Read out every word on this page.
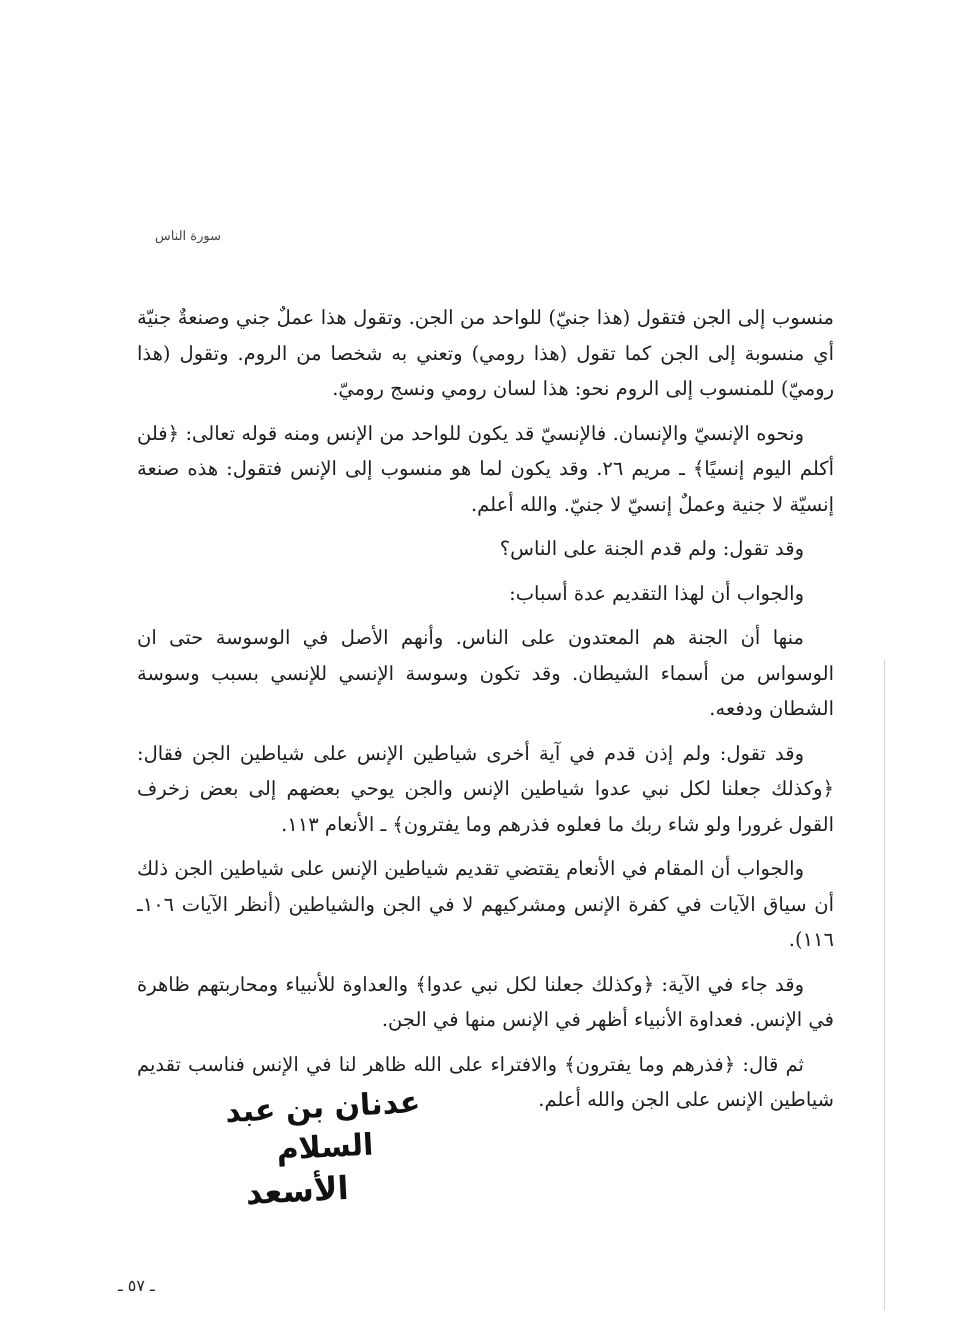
سورة الناس

منسوب إلى الجن فتقول (هذا جنيّ) للواحد من الجن. وتقول هذا عملٌ جني وصنعةٌ جنيّة أي منسوبة إلى الجن كما تقول (هذا رومي) وتعني به شخصا من الروم. وتقول (هذا روميّ) للمنسوب إلى الروم نحو: هذا لسان رومي ونسج روميّ.

ونحوه الإنسيّ والإنسان. فالإنسيّ قد يكون للواحد من الإنس ومنه قوله تعالى: ﴿فلن أكلم اليوم إنسيًا﴾ ـ مريم ٢٦. وقد يكون لما هو منسوب إلى الإنس فتقول: هذه صنعة إنسيّة لا جنية وعملٌ إنسيّ لا جنيّ. والله أعلم.

وقد تقول: ولم قدم الجنة على الناس؟

والجواب أن لهذا التقديم عدة أسباب:

منها أن الجنة هم المعتدون على الناس. وأنهم الأصل في الوسوسة حتى ان الوسواس من أسماء الشيطان. وقد تكون وسوسة الإنسي للإنسي بسبب وسوسة الشطان ودفعه.

وقد تقول: ولم إذن قدم في آية أخرى شياطين الإنس على شياطين الجن فقال: ﴿وكذلك جعلنا لكل نبي عدوا شياطين الإنس والجن يوحي بعضهم إلى بعض زخرف القول غرورا ولو شاء ربك ما فعلوه فذرهم وما يفترون﴾ ـ الأنعام ١١٣.

والجواب أن المقام في الأنعام يقتضي تقديم شياطين الإنس على شياطين الجن ذلك أن سياق الآيات في كفرة الإنس ومشركيهم لا في الجن والشياطين (أنظر الآيات ١٠٦ـ ١١٦).

وقد جاء في الآية: ﴿وكذلك جعلنا لكل نبي عدوا﴾ والعداوة للأنبياء ومحاربتهم ظاهرة في الإنس. فعداوة الأنبياء أظهر في الإنس منها في الجن.

ثم قال: ﴿فذرهم وما يفترون﴾ والافتراء على الله ظاهر لنا في الإنس فناسب تقديم شياطين الإنس على الجن والله أعلم.

عدنان بن عبد السلام
الأسعد
ـ ٥٧ ـ
